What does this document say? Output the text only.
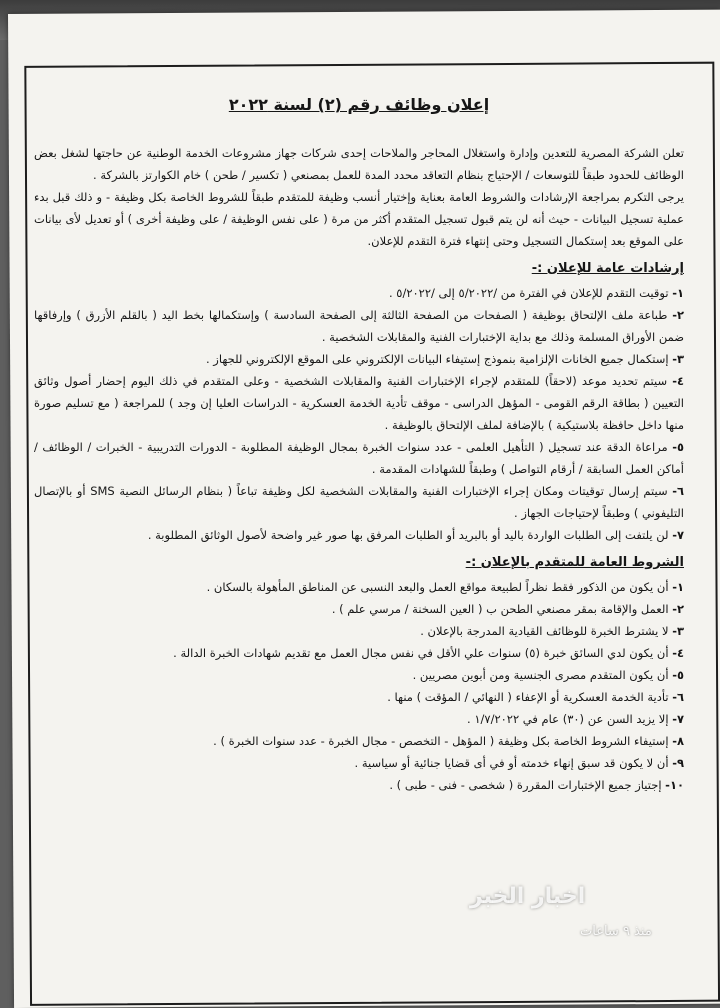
إعلان وظائف رقم (٢) لسنة ٢٠٢٢

تعلن الشركة المصرية للتعدين وإدارة واستغلال المحاجر والملاحات إحدى شركات جهاز مشروعات الخدمة الوطنية عن حاجتها لشغل بعض الوظائف للحدود طبقاً للتوسعات / الإحتياج بنظام التعاقد محدد المدة للعمل بمصنعي ( تكسير / طحن ) خام الكوارتز بالشركة .

يرجى التكرم بمراجعة الإرشادات والشروط العامة بعناية وإختيار أنسب وظيفة للمتقدم طبقاً للشروط الخاصة بكل وظيفة - و ذلك قبل بدء عملية تسجيل البيانات - حيث أنه لن يتم قبول تسجيل المتقدم أكثر من مرة ( على نفس الوظيفة / على وظيفة أخرى ) أو تعديل لأى بيانات على الموقع بعد إستكمال التسجيل وحتى إنتهاء فترة التقدم للإعلان.

إرشادات عامة للإعلان :-
١- توقيت التقدم للإعلان في الفترة من /٥/٢٠٢٢ إلى /٥/٢٠٢٢ .
٢- طباعة ملف الإلتحاق بوظيفة ( الصفحات من الصفحة الثالثة إلى الصفحة السادسة ) وإستكمالها بخط اليد ( بالقلم الأزرق ) وإرفاقها ضمن الأوراق المسلمة وذلك مع بداية الإختبارات الفنية والمقابلات الشخصية .
٣- إستكمال جميع الخانات الإلزامية بنموذج إستيفاء البيانات الإلكتروني على الموقع الإلكتروني للجهاز .
٤- سيتم تحديد موعد (لاحقاً) للمتقدم لإجراء الإختبارات الفنية والمقابلات الشخصية - وعلى المتقدم في ذلك اليوم إحضار أصول وثائق التعيين ( بطاقة الرقم القومى - المؤهل الدراسى - موقف تأدية الخدمة العسكرية - الدراسات العليا إن وجد ) للمراجعة ( مع تسليم صورة منها داخل حافظة بلاستيكية ) بالإضافة لملف الإلتحاق بالوظيفة .
٥- مراعاة الدقة عند تسجيل ( التأهيل العلمى - عدد سنوات الخبرة بمجال الوظيفة المطلوبة - الدورات التدريبية - الخبرات / الوظائف / أماكن العمل السابقة / أرقام التواصل ) وطبقاً للشهادات المقدمة .
٦- سيتم إرسال توقيتات ومكان إجراء الإختبارات الفنية والمقابلات الشخصية لكل وظيفة تباعاً ( بنظام الرسائل النصية SMS أو بالإتصال التليفوني ) وطبقاً لإحتياجات الجهاز .
٧- لن يلتفت إلى الطلبات الواردة باليد أو بالبريد أو الطلبات المرفق بها صور غير واضحة لأصول الوثائق المطلوبة .
الشروط العامة للمتقدم بالإعلان :-
١- أن يكون من الذكور فقط نظراً لطبيعة مواقع العمل والبعد النسبى عن المناطق المأهولة بالسكان .
٢- العمل والإقامة بمقر مصنعي الطحن ب ( العين السخنة / مرسي علم ) .
٣- لا يشترط الخبرة للوظائف القيادية المدرجة بالإعلان .
٤- أن يكون لدي السائق خبرة (٥) سنوات علي الأقل في نفس مجال العمل مع تقديم شهادات الخبرة الدالة .
٥- أن يكون المتقدم مصرى الجنسية ومن أبوين مصريين .
٦- تأدية الخدمة العسكرية أو الإعفاء ( النهائي / المؤقت ) منها .
٧- إلا يزيد السن عن (٣٠) عام في ١/٧/٢٠٢٢ .
٨- إستيفاء الشروط الخاصة بكل وظيفة ( المؤهل - التخصص - مجال الخبرة - عدد سنوات الخبرة ) .
٩- أن لا يكون قد سبق إنهاء خدمته أو في أى قضايا جنائية أو سياسية .
١٠- إجتياز جميع الإختبارات المقررة ( شخصى - فنى - طبى ) .
اخبار الخبر
منذ ٩ ساعات
